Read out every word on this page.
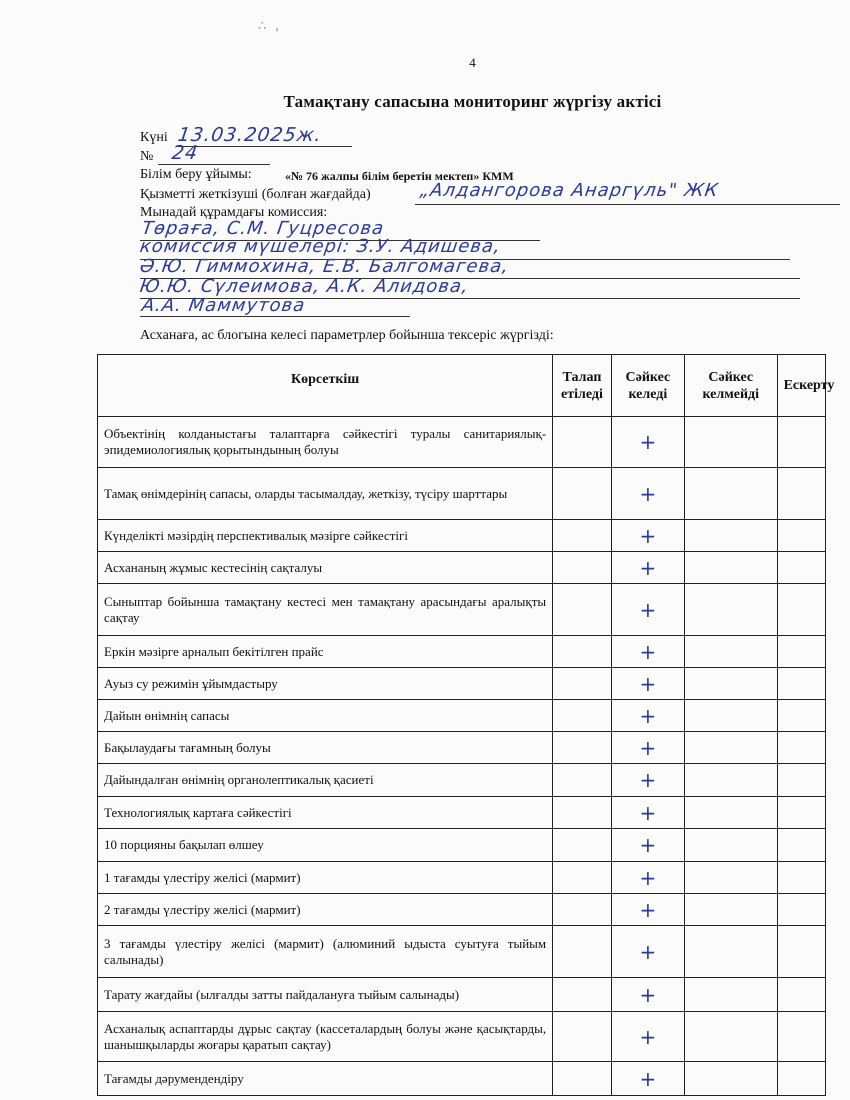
∴ ,
4
Тамақтану сапасына мониторинг жүргізу актісі
Күні 13.03.2025ж.
№ 24
Білім беру ұйымы:	«№ 76 жалпы білім беретін мектеп» КММ
Қызметті жеткізуші (болған жағдайда)	„Алдангорова Анаргүль" ЖК
Мынадай құрамдағы комиссия:
Төраға, С.М. Гуцресова
комиссия мүшелері: З.У. Адишева,
Ә.Ю. Гиммохина, Е.В. Балгомагева,
Ю.Ю. Сүлеимова, А.К. Алидова,
А.А. Маммутова
Асханаға, ас блогына келесі параметрлер бойынша тексеріс жүргізді:
Көрсеткіш	Талап етіледі	Сәйкес келеді	Сәйкес келмейді	Ескерту
Объектінің колданыстағы талаптарға сәйкестігі туралы санитариялық-эпидемиологиялық қорытындының болуы		+		
Тамақ өнімдерінің сапасы, оларды тасымалдау, жеткізу, түсіру шарттары		+		
Күнделікті мәзірдің перспективалық мәзірге сәйкестігі		+		
Асхананың жұмыс кестесінің сақталуы		+		
Сыныптар бойынша тамақтану кестесі мен тамақтану арасындағы аралықты сақтау		+		
Еркін мәзірге арналып бекітілген прайс		+		
Ауыз су режимін ұйымдастыру		+		
Дайын өнімнің сапасы		+		
Бақылаудағы тағамның болуы		+		
Дайындалған өнімнің органолептикалық қасиеті		+		
Технологиялық картаға сәйкестігі		+		
10 порцияны бақылап өлшеу		+		
1 тағамды үлестіру желісі (мармит)		+		
2 тағамды үлестіру желісі (мармит)		+		
3 тағамды үлестіру желісі (мармит) (алюминий ыдыста суытуға тыйым салынады)		+		
Тарату жағдайы (ылғалды затты пайдалануға тыйым салынады)		+		
Асханалық аспаптарды дұрыс сақтау (кассеталардың болуы және қасықтарды, шанышқыларды жоғары қаратып сақтау)		+		
Тағамды дәрумендендіру		+		
